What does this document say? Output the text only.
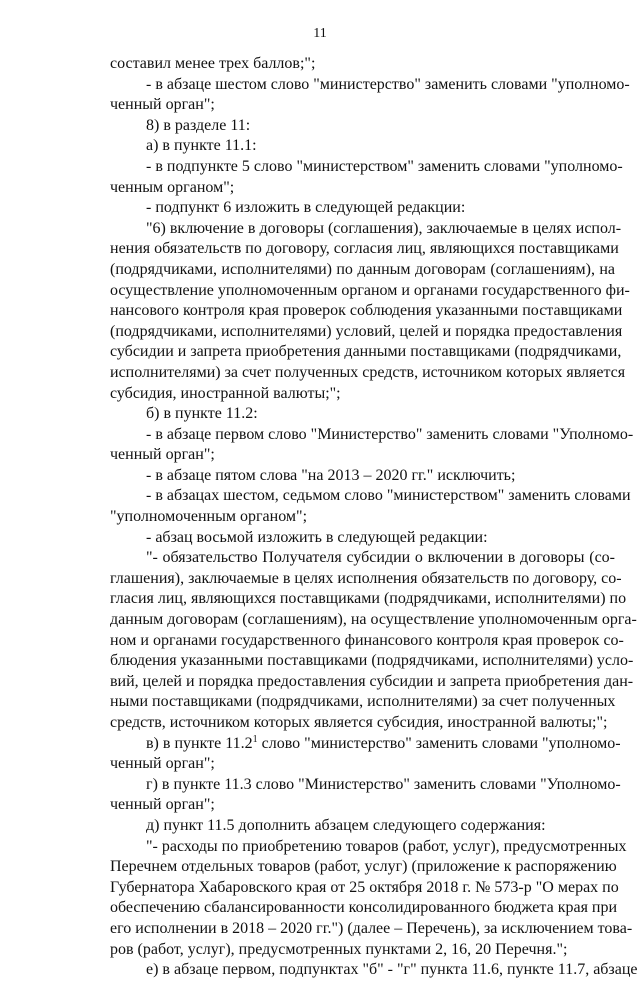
11
составил менее трех баллов;";
- в абзаце шестом слово "министерство" заменить словами "уполномо-
ченный орган";
8) в разделе 11:
а) в пункте 11.1:
- в подпункте 5 слово "министерством" заменить словами "уполномо-
ченным органом";
- подпункт 6 изложить в следующей редакции:
"6) включение в договоры (соглашения), заключаемые в целях испол-
нения обязательств по договору, согласия лиц, являющихся поставщиками
(подрядчиками, исполнителями) по данным договорам (соглашениям), на
осуществление уполномоченным органом и органами государственного фи-
нансового контроля края проверок соблюдения указанными поставщиками
(подрядчиками, исполнителями) условий, целей и порядка предоставления
субсидии и запрета приобретения данными поставщиками (подрядчиками,
исполнителями) за счет полученных средств, источником которых является
субсидия, иностранной валюты;";
б) в пункте 11.2:
- в абзаце первом слово "Министерство" заменить словами "Уполномо-
ченный орган";
- в абзаце пятом слова "на 2013 – 2020 гг." исключить;
- в абзацах шестом, седьмом слово "министерством" заменить словами
"уполномоченным органом";
- абзац восьмой изложить в следующей редакции:
"- обязательство Получателя субсидии о включении в договоры (со-
глашения), заключаемые в целях исполнения обязательств по договору, со-
гласия лиц, являющихся поставщиками (подрядчиками, исполнителями) по
данным договорам (соглашениям), на осуществление уполномоченным орга-
ном и органами государственного финансового контроля края проверок со-
блюдения указанными поставщиками (подрядчиками, исполнителями) усло-
вий, целей и порядка предоставления субсидии и запрета приобретения дан-
ными поставщиками (подрядчиками, исполнителями) за счет полученных
средств, источником которых является субсидия, иностранной валюты;";
в) в пункте 11.2$^1$ слово "министерство" заменить словами "уполномо-
ченный орган";
г) в пункте 11.3 слово "Министерство" заменить словами "Уполномо-
ченный орган";
д) пункт 11.5 дополнить абзацем следующего содержания:
"- расходы по приобретению товаров (работ, услуг), предусмотренных
Перечнем отдельных товаров (работ, услуг) (приложение к распоряжению
Губернатора Хабаровского края от 25 октября 2018 г. № 573-р "О мерах по
обеспечению сбалансированности консолидированного бюджета края при
его исполнении в 2018 – 2020 гг.") (далее – Перечень), за исключением това-
ров (работ, услуг), предусмотренных пунктами 2, 16, 20 Перечня.";
е) в абзаце первом, подпунктах "б" - "г" пункта 11.6, пункте 11.7, абзаце
